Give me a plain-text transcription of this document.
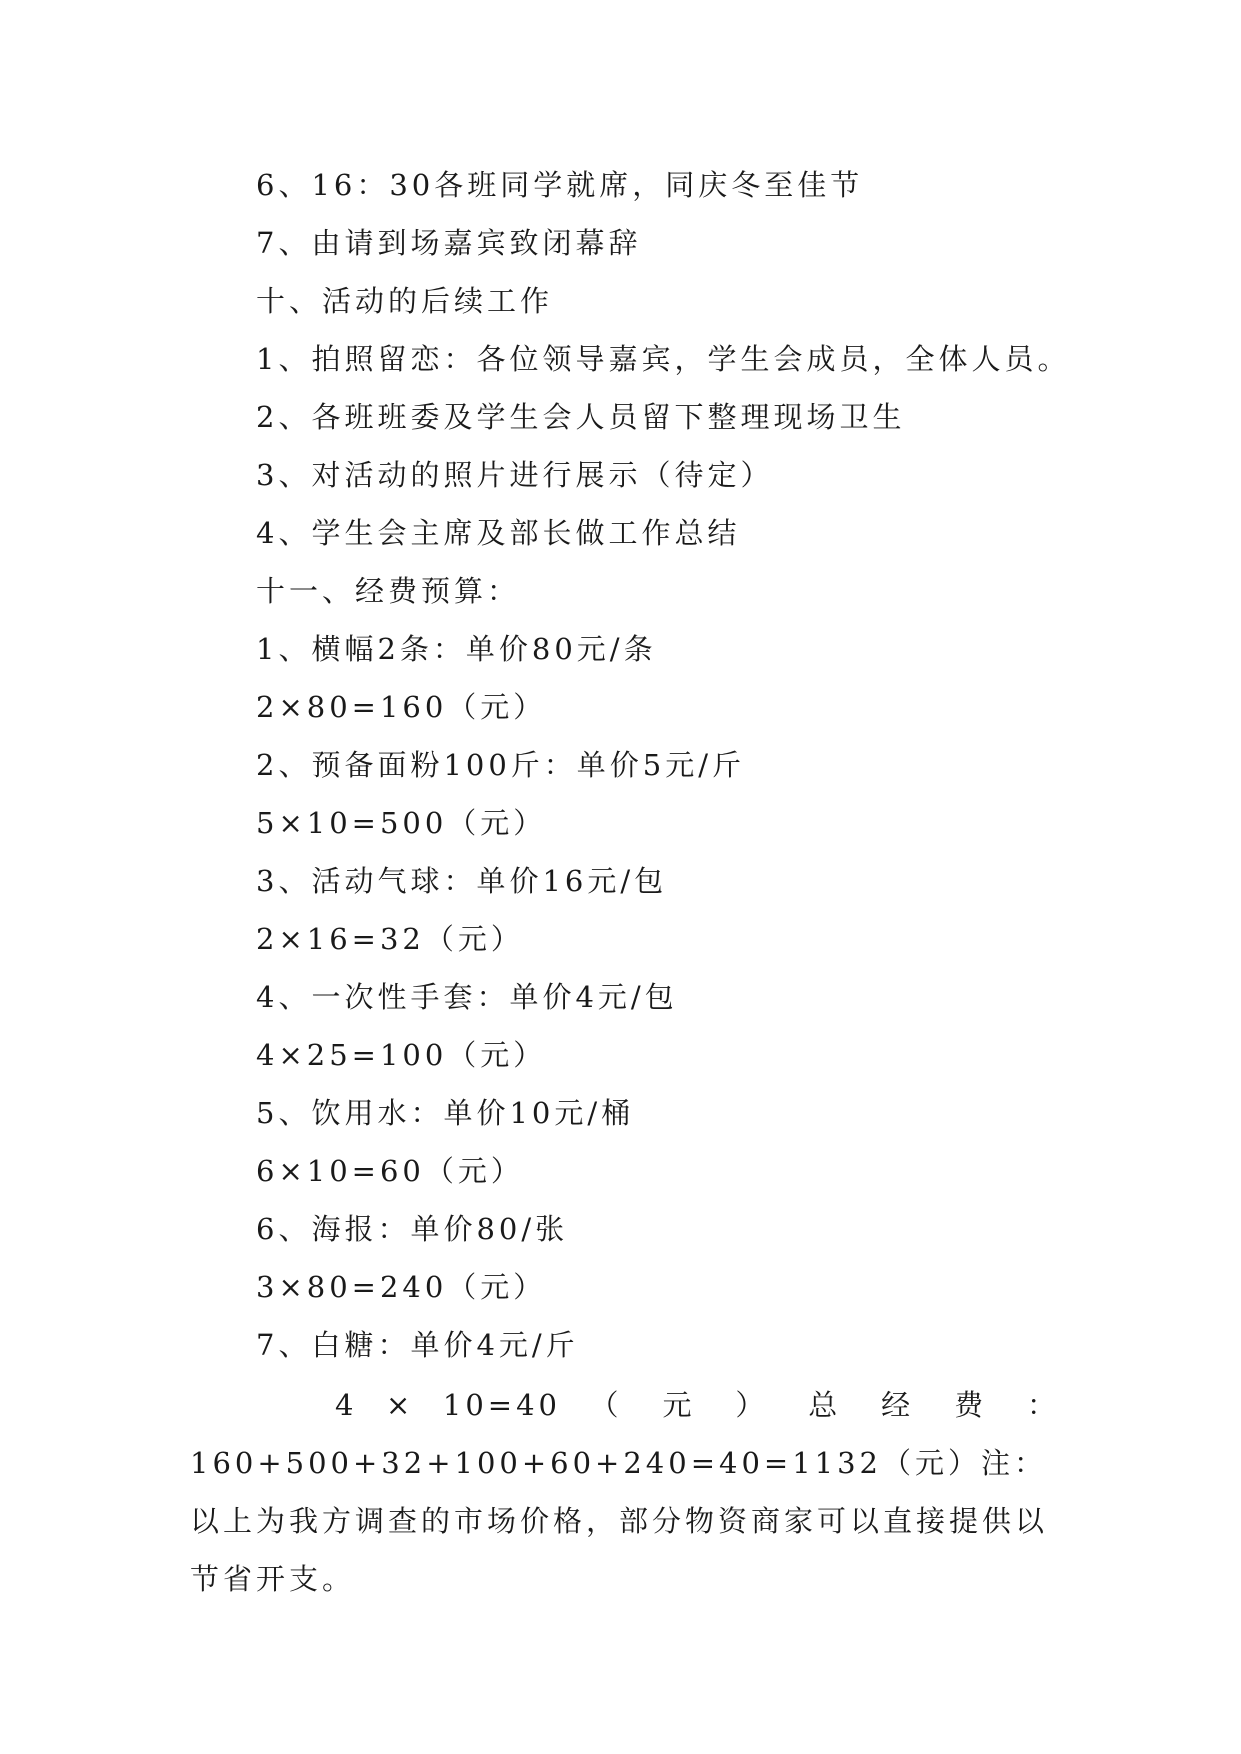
6、16：30各班同学就席，同庆冬至佳节
7、由请到场嘉宾致闭幕辞
十、活动的后续工作
1、拍照留恋：各位领导嘉宾，学生会成员，全体人员。
2、各班班委及学生会人员留下整理现场卫生
3、对活动的照片进行展示（待定）
4、学生会主席及部长做工作总结
十一、经费预算：
1、横幅2条：单价80元/条
2×80=160（元）
2、预备面粉100斤：单价5元/斤
5×10=500（元）
3、活动气球：单价16元/包
2×16=32（元）
4、一次性手套：单价4元/包
4×25=100（元）
5、饮用水：单价10元/桶
6×10=60（元）
6、海报：单价80/张
3×80=240（元）
7、白糖：单价4元/斤
4 × 10=40 （ 元 ） 总 经 费 ：
160+500+32+100+60+240=40=1132（元）注：以上为我方调查的市场价格，部分物资商家可以直接提供以节省开支。
